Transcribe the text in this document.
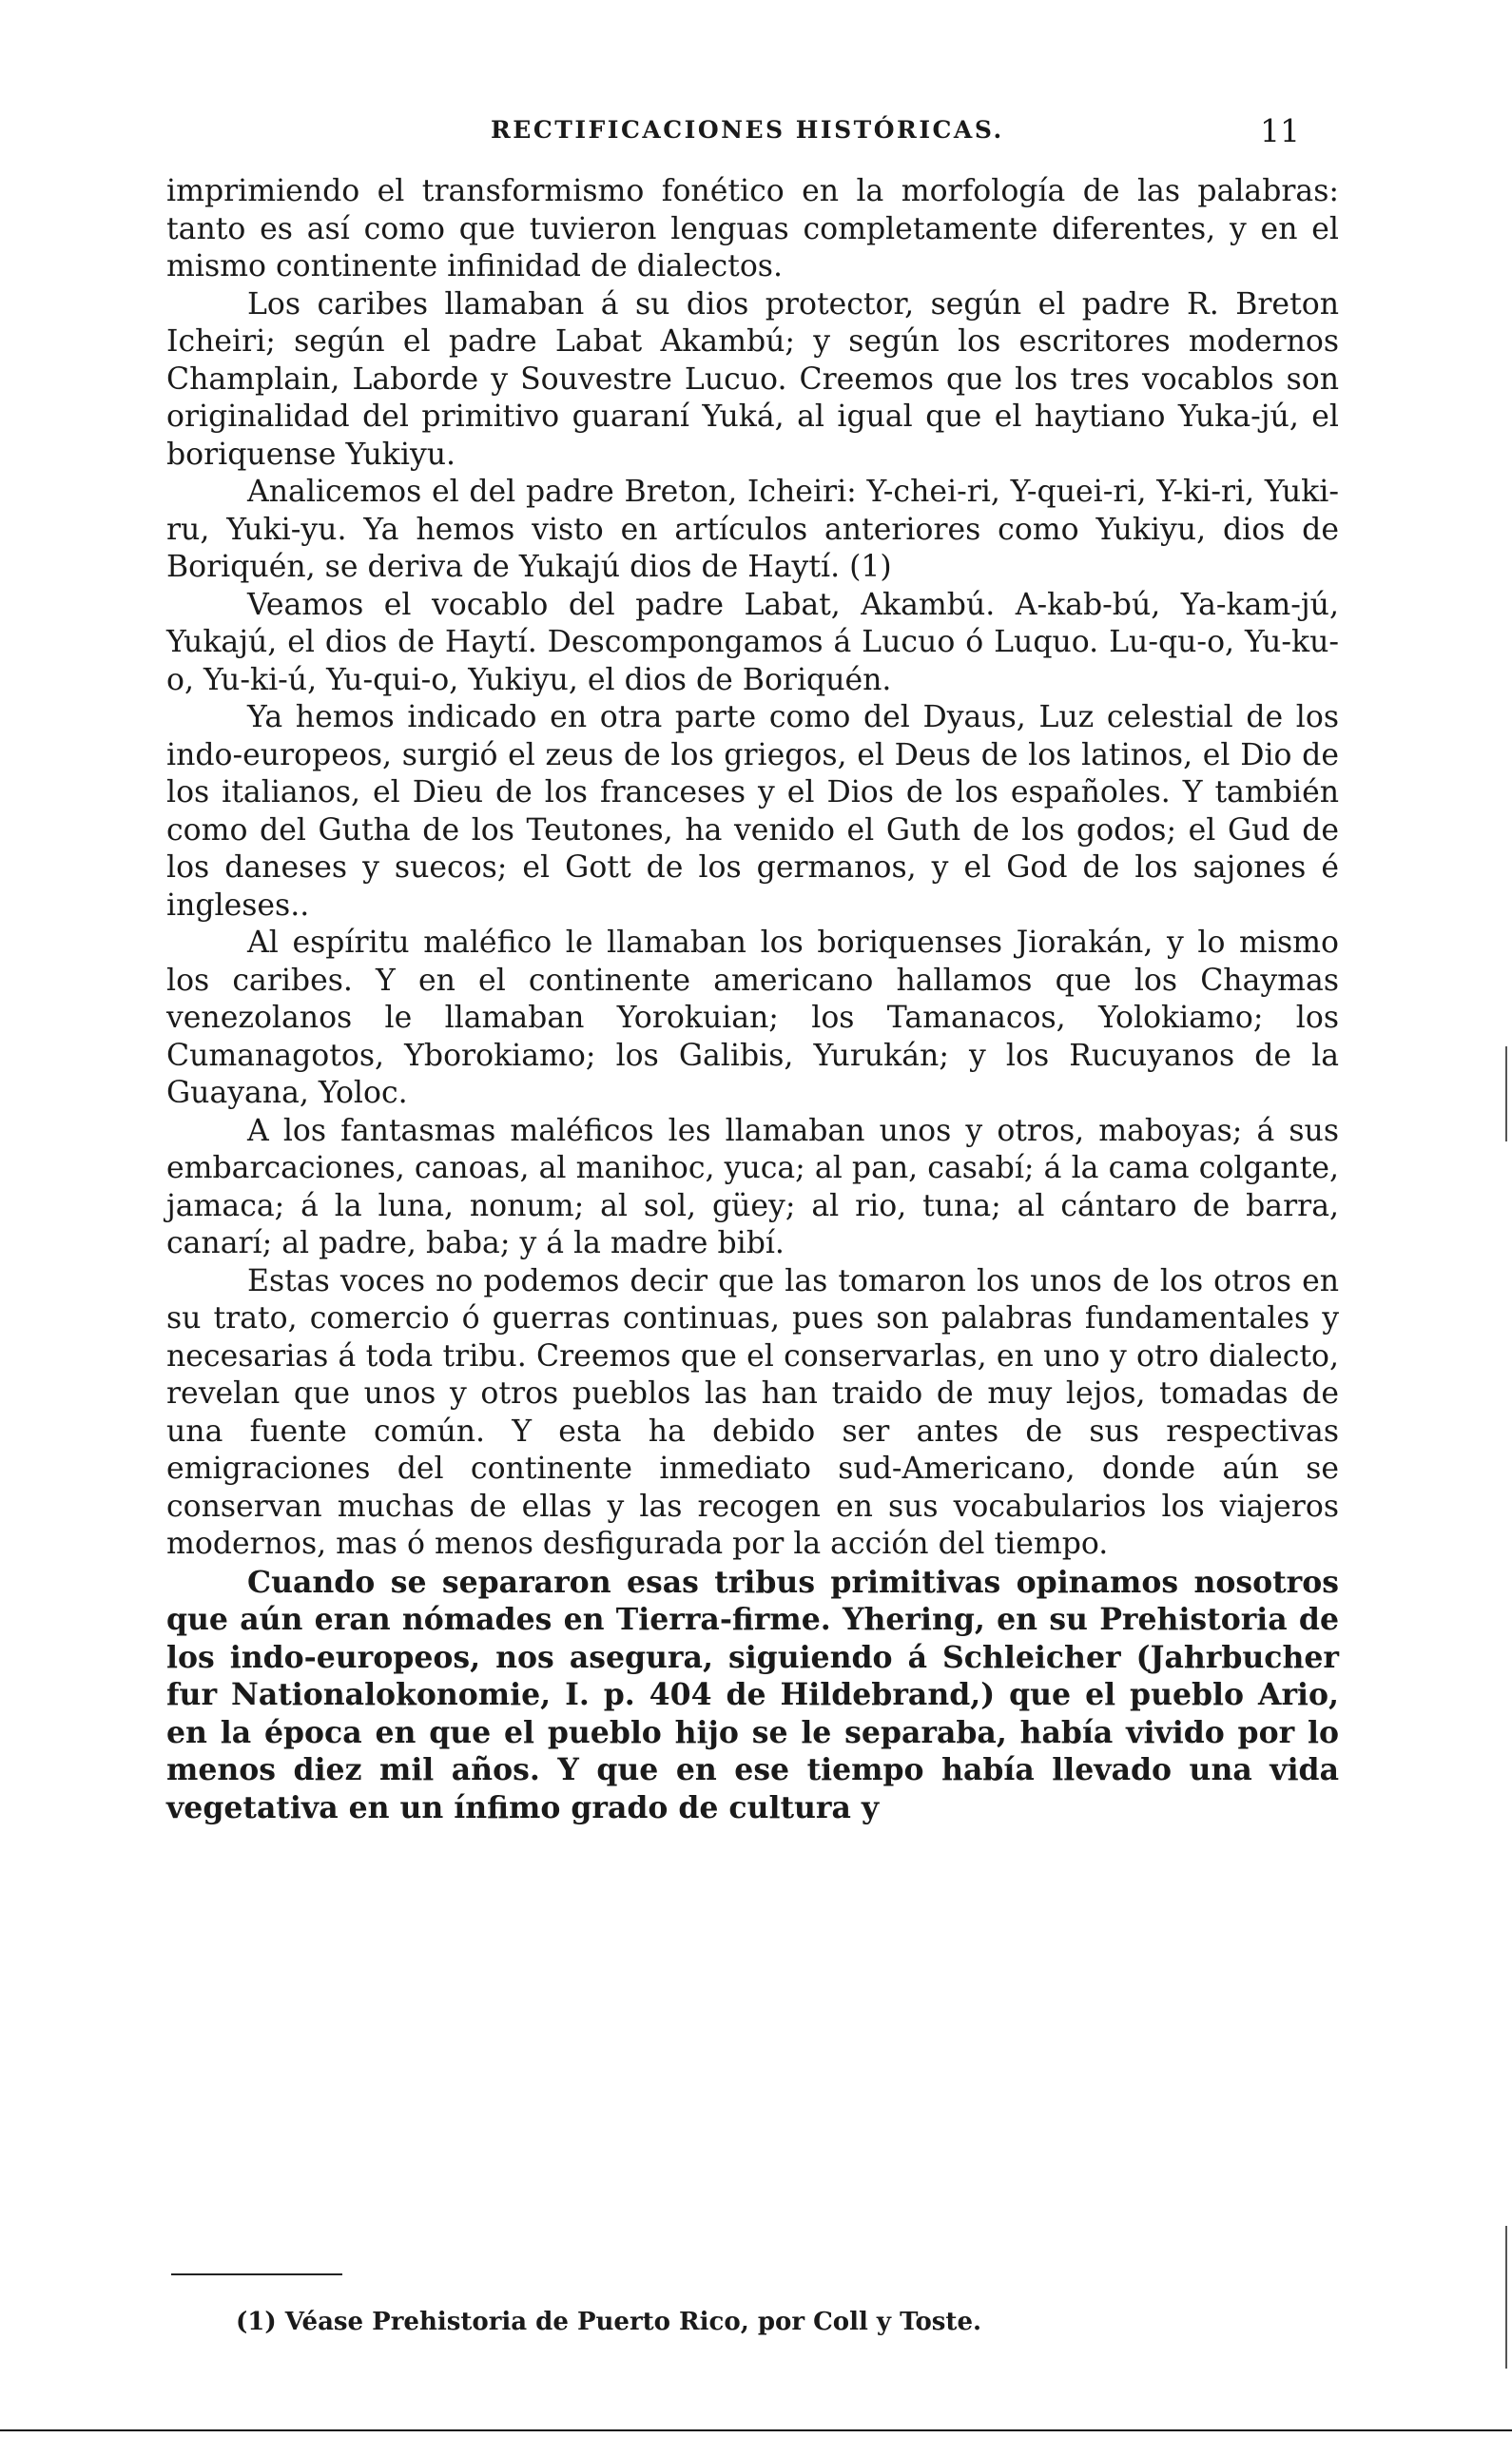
RECTIFICACIONES HISTÓRICAS.	11

imprimiendo el transformismo fonético en la morfología de las palabras: tanto es así como que tuvieron lenguas completamente diferentes, y en el mismo continente infinidad de dialectos.

Los caribes llamaban á su dios protector, según el padre R. Breton Icheiri; según el padre Labat Akambú; y según los escritores modernos Champlain, Laborde y Souvestre Lucuo. Creemos que los tres vocablos son originalidad del primitivo guaraní Yuká, al igual que el haytiano Yuka-jú, el boriquense Yukiyu.

Analicemos el del padre Breton, Icheiri: Y-chei-ri, Y-quei-ri, Y-ki-ri, Yuki-ru, Yuki-yu. Ya hemos visto en artículos anteriores como Yukiyu, dios de Boriquén, se deriva de Yukajú dios de Haytí. (1)

Veamos el vocablo del padre Labat, Akambú. A-kab-bú, Ya-kam-jú, Yukajú, el dios de Haytí. Descompongamos á Lucuo ó Luquo. Lu-qu-o, Yu-ku-o, Yu-ki-ú, Yu-qui-o, Yukiyu, el dios de Boriquén.

Ya hemos indicado en otra parte como del Dyaus, Luz celestial de los indo-europeos, surgió el zeus de los griegos, el Deus de los latinos, el Dio de los italianos, el Dieu de los franceses y el Dios de los españoles. Y también como del Gutha de los Teutones, ha venido el Guth de los godos; el Gud de los daneses y suecos; el Gott de los germanos, y el God de los sajones é ingleses..

Al espíritu maléfico le llamaban los boriquenses Jiorakán, y lo mismo los caribes. Y en el continente americano hallamos que los Chaymas venezolanos le llamaban Yorokuian; los Tamanacos, Yolokiamo; los Cumanagotos, Yborokiamo; los Galibis, Yurukán; y los Rucuyanos de la Guayana, Yoloc.

A los fantasmas maléficos les llamaban unos y otros, maboyas; á sus embarcaciones, canoas, al manihoc, yuca; al pan, casabí; á la cama colgante, jamaca; á la luna, nonum; al sol, güey; al rio, tuna; al cántaro de barra, canarí; al padre, baba; y á la madre bibí.

Estas voces no podemos decir que las tomaron los unos de los otros en su trato, comercio ó guerras continuas, pues son palabras fundamentales y necesarias á toda tribu. Creemos que el conservarlas, en uno y otro dialecto, revelan que unos y otros pueblos las han traido de muy lejos, tomadas de una fuente común. Y esta ha debido ser antes de sus respectivas emigraciones del continente inmediato sud-Americano, donde aún se conservan muchas de ellas y las recogen en sus vocabularios los viajeros modernos, mas ó menos desfigurada por la acción del tiempo.

Cuando se separaron esas tribus primitivas opinamos nosotros que aún eran nómades en Tierra-firme. Yhering, en su Prehistoria de los indo-europeos, nos asegura, siguiendo á Schleicher (Jahrbucher fur Nationalokonomie, I. p. 404 de Hildebrand,) que el pueblo Ario, en la época en que el pueblo hijo se le separaba, había vivido por lo menos diez mil años. Y que en ese tiempo había llevado una vida vegetativa en un ínfimo grado de cultura y

(1) Véase Prehistoria de Puerto Rico, por Coll y Toste.
